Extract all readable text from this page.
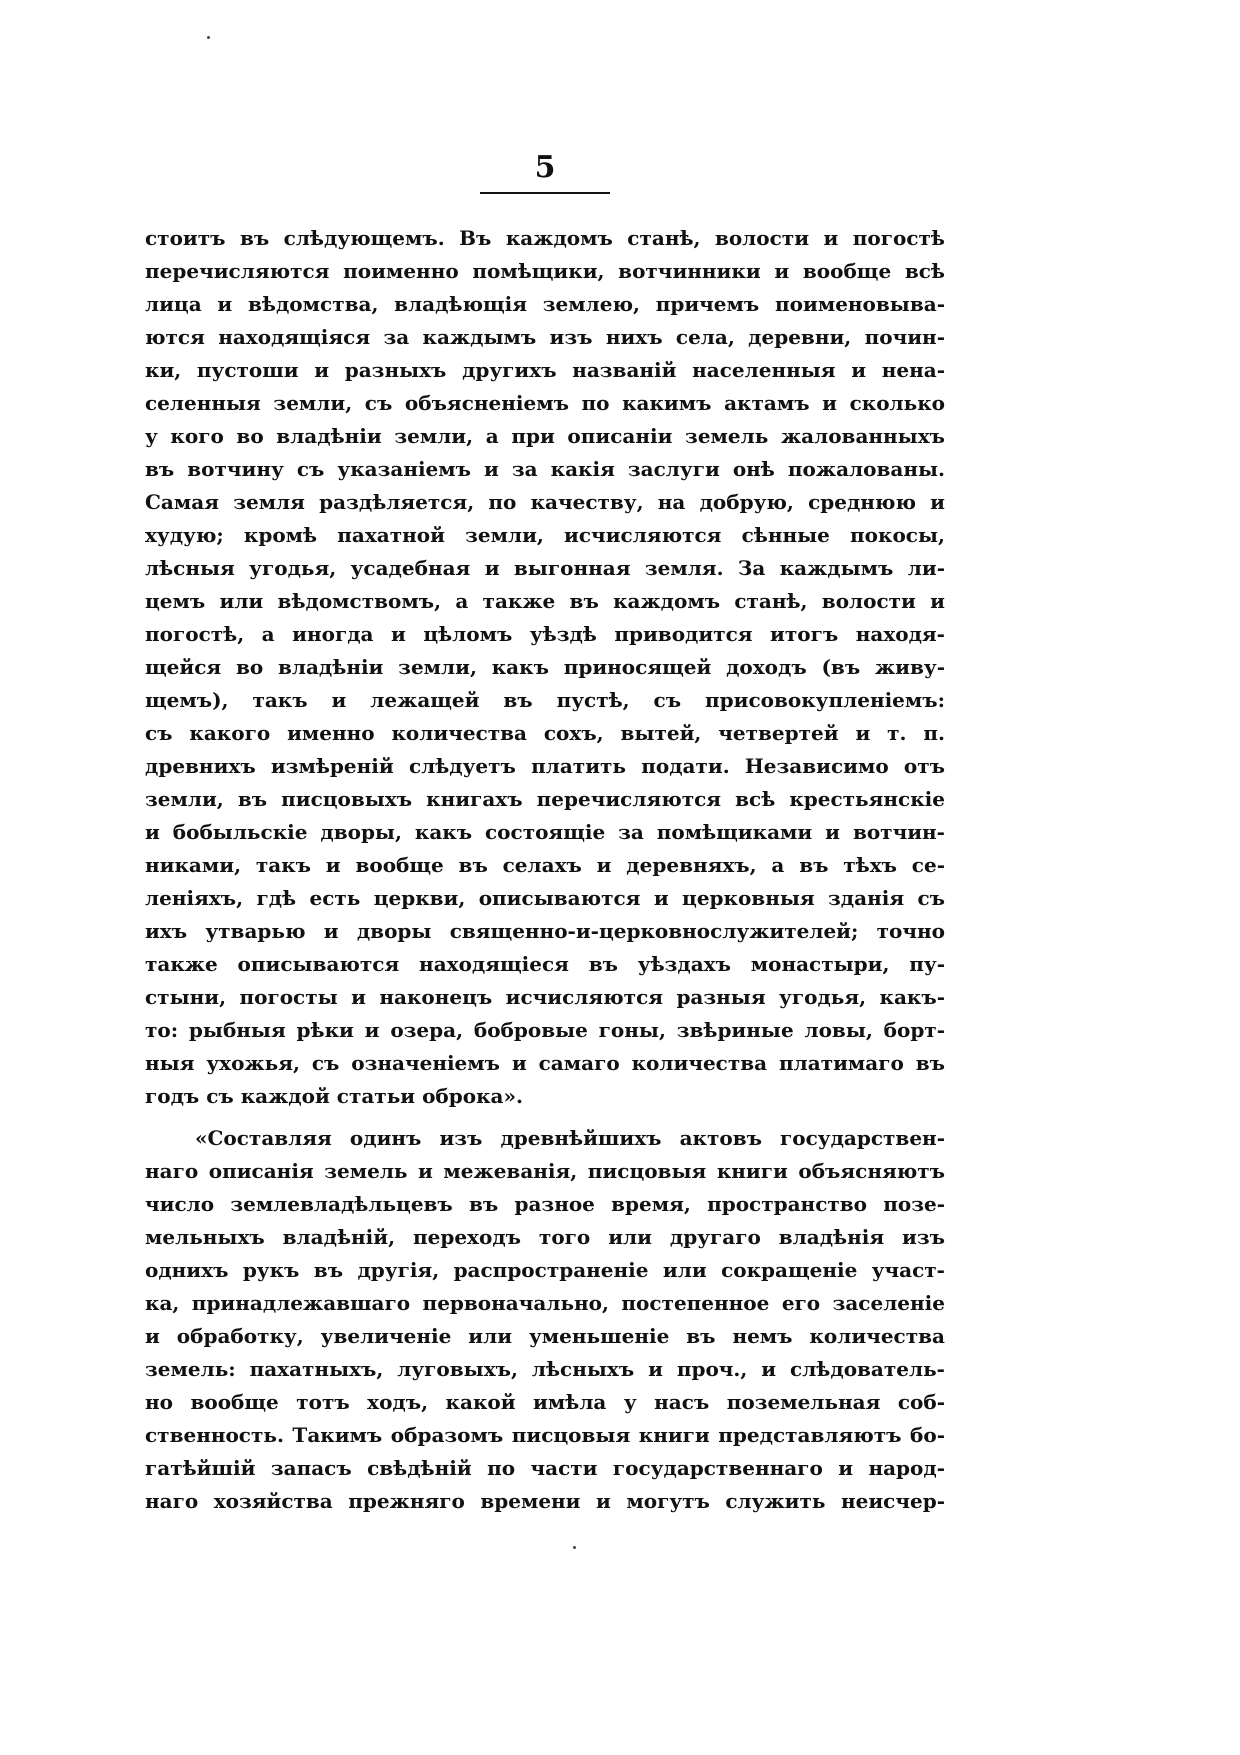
5
стоитъ въ слѣдующемъ. Въ каждомъ станѣ, волости и погостѣ
перечисляются поименно помѣщики, вотчинники и вообще всѣ
лица и вѣдомства, владѣющія землею, причемъ поименовыва-
ются находящіяся за каждымъ изъ нихъ села, деревни, почин-
ки, пустоши и разныхъ другихъ названій населенныя и нена-
селенныя земли, съ объясненіемъ по какимъ актамъ и сколько
у кого во владѣніи земли, а при описаніи земель жалованныхъ
въ вотчину съ указаніемъ и за какія заслуги онѣ пожалованы.
Самая земля раздѣляется, по качеству, на добрую, среднюю и
худую; кромѣ пахатной земли, исчисляются сѣнные покосы,
лѣсныя угодья, усадебная и выгонная земля. За каждымъ ли-
цемъ или вѣдомствомъ, а также въ каждомъ станѣ, волости и
погостѣ, а иногда и цѣломъ уѣздѣ приводится итогъ находя-
щейся во владѣніи земли, какъ приносящей доходъ (въ живу-
щемъ), такъ и лежащей въ пустѣ, съ присовокупленіемъ:
съ какого именно количества сохъ, вытей, четвертей и т. п.
древнихъ измѣреній слѣдуетъ платить подати. Независимо отъ
земли, въ писцовыхъ книгахъ перечисляются всѣ крестьянскіе
и бобыльскіе дворы, какъ состоящіе за помѣщиками и вотчин-
никами, такъ и вообще въ селахъ и деревняхъ, а въ тѣхъ се-
леніяхъ, гдѣ есть церкви, описываются и церковныя зданія съ
ихъ утварью и дворы священно-и-церковнослужителей; точно
также описываются находящіеся въ уѣздахъ монастыри, пу-
стыни, погосты и наконецъ исчисляются разныя угодья, какъ-
то: рыбныя рѣки и озера, бобровые гоны, звѣриные ловы, борт-
ныя ухожья, съ означеніемъ и самаго количества платимаго въ
годъ съ каждой статьи оброка».
«Составляя одинъ изъ древнѣйшихъ актовъ государствен-
наго описанія земель и межеванія, писцовыя книги объясняютъ
число землевладѣльцевъ въ разное время, пространство позе-
мельныхъ владѣній, переходъ того или другаго владѣнія изъ
однихъ рукъ въ другія, распространеніе или сокращеніе участ-
ка, принадлежавшаго первоначально, постепенное его заселеніе
и обработку, увеличеніе или уменьшеніе въ немъ количества
земель: пахатныхъ, луговыхъ, лѣсныхъ и проч., и слѣдователь-
но вообще тотъ ходъ, какой имѣла у насъ поземельная соб-
ственность. Такимъ образомъ писцовыя книги представляютъ бо-
гатѣйшій запасъ свѣдѣній по части государственнаго и народ-
наго хозяйства прежняго времени и могутъ служить неисчер-
